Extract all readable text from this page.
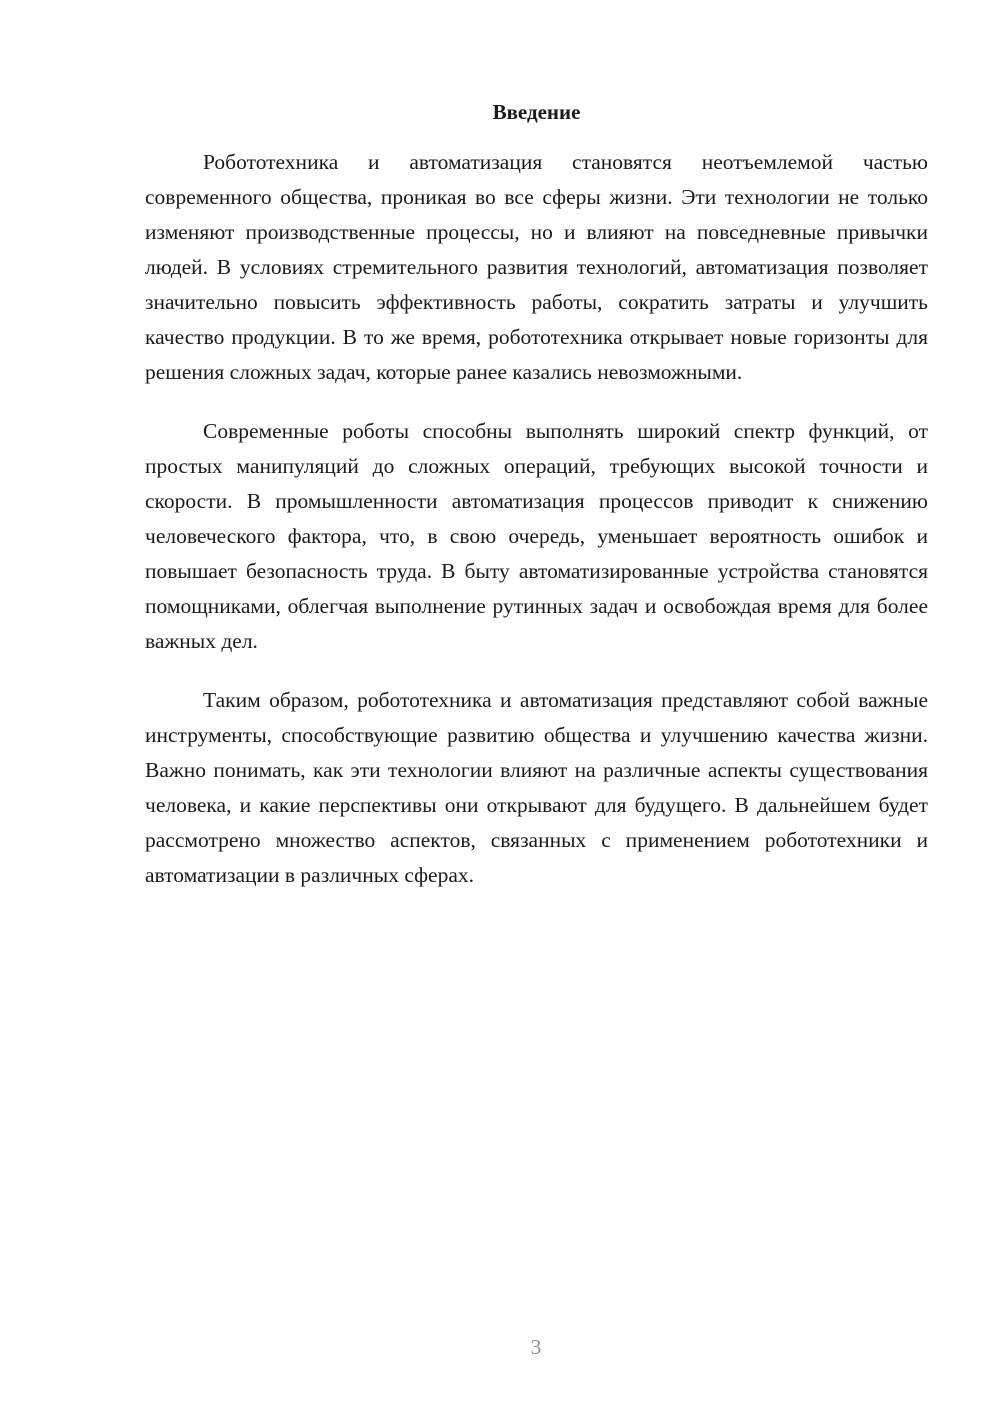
Введение

Робототехника и автоматизация становятся неотъемлемой частью современного общества, проникая во все сферы жизни. Эти технологии не только изменяют производственные процессы, но и влияют на повседневные привычки людей. В условиях стремительного развития технологий, автоматизация позволяет значительно повысить эффективность работы, сократить затраты и улучшить качество продукции. В то же время, робототехника открывает новые горизонты для решения сложных задач, которые ранее казались невозможными.

Современные роботы способны выполнять широкий спектр функций, от простых манипуляций до сложных операций, требующих высокой точности и скорости. В промышленности автоматизация процессов приводит к снижению человеческого фактора, что, в свою очередь, уменьшает вероятность ошибок и повышает безопасность труда. В быту автоматизированные устройства становятся помощниками, облегчая выполнение рутинных задач и освобождая время для более важных дел.

Таким образом, робототехника и автоматизация представляют собой важные инструменты, способствующие развитию общества и улучшению качества жизни. Важно понимать, как эти технологии влияют на различные аспекты существования человека, и какие перспективы они открывают для будущего. В дальнейшем будет рассмотрено множество аспектов, связанных с применением робототехники и автоматизации в различных сферах.

3
